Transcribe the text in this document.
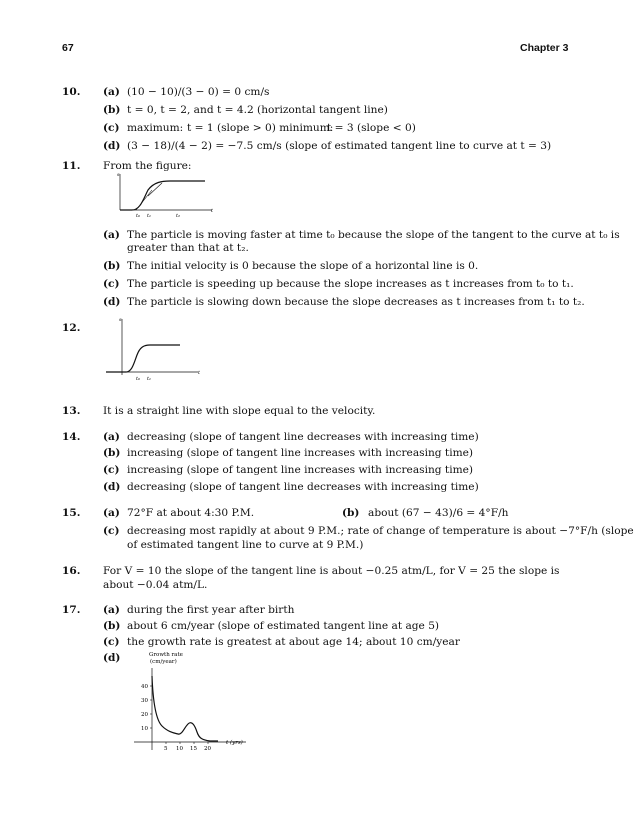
67	Chapter 3
10. (a) (10 − 10)/(3 − 0) = 0 cm/s
(b) t = 0, t = 2, and t = 4.2 (horizontal tangent line)
(c) maximum: t = 1 (slope > 0) minimum:
t = 3 (slope < 0)
(d) (3 − 18)/(4 − 2) = −7.5 cm/s (slope of estimated tangent line to curve at t = 3)
11. From the figure:
s
t
t₀ t₁	t₂
(a) The particle is moving faster at time t₀ because the slope of the tangent to the curve at t₀ is
greater than that at t₂.
(b) The initial velocity is 0 because the slope of a horizontal line is 0.
(c) The particle is speeding up because the slope increases as t increases from t₀ to t₁.
(d) The particle is slowing down because the slope decreases as t increases from t₁ to t₂.
12.
s
t
t₀ t₁
13. It is a straight line with slope equal to the velocity.
14. (a) decreasing (slope of tangent line decreases with increasing time)
(b) increasing (slope of tangent line increases with increasing time)
(c) increasing (slope of tangent line increases with increasing time)
(d) decreasing (slope of tangent line decreases with increasing time)
15. (a) 72°F at about 4:30 P.M.	(b) about (67 − 43)/6 = 4°F/h
(c) decreasing most rapidly at about 9 P.M.; rate of change of temperature is about −7°F/h (slope
of estimated tangent line to curve at 9 P.M.)
16. For V = 10 the slope of the tangent line is about −0.25 atm/L, for V = 25 the slope is
about −0.04 atm/L.
17. (a) during the first year after birth
(b) about 6 cm/year (slope of estimated tangent line at age 5)
(c) the growth rate is greatest at about age 14; about 10 cm/year
(d)	Growth rate
(cm/year)
40
30
20
10
5 10 15 20
t (yrs)
